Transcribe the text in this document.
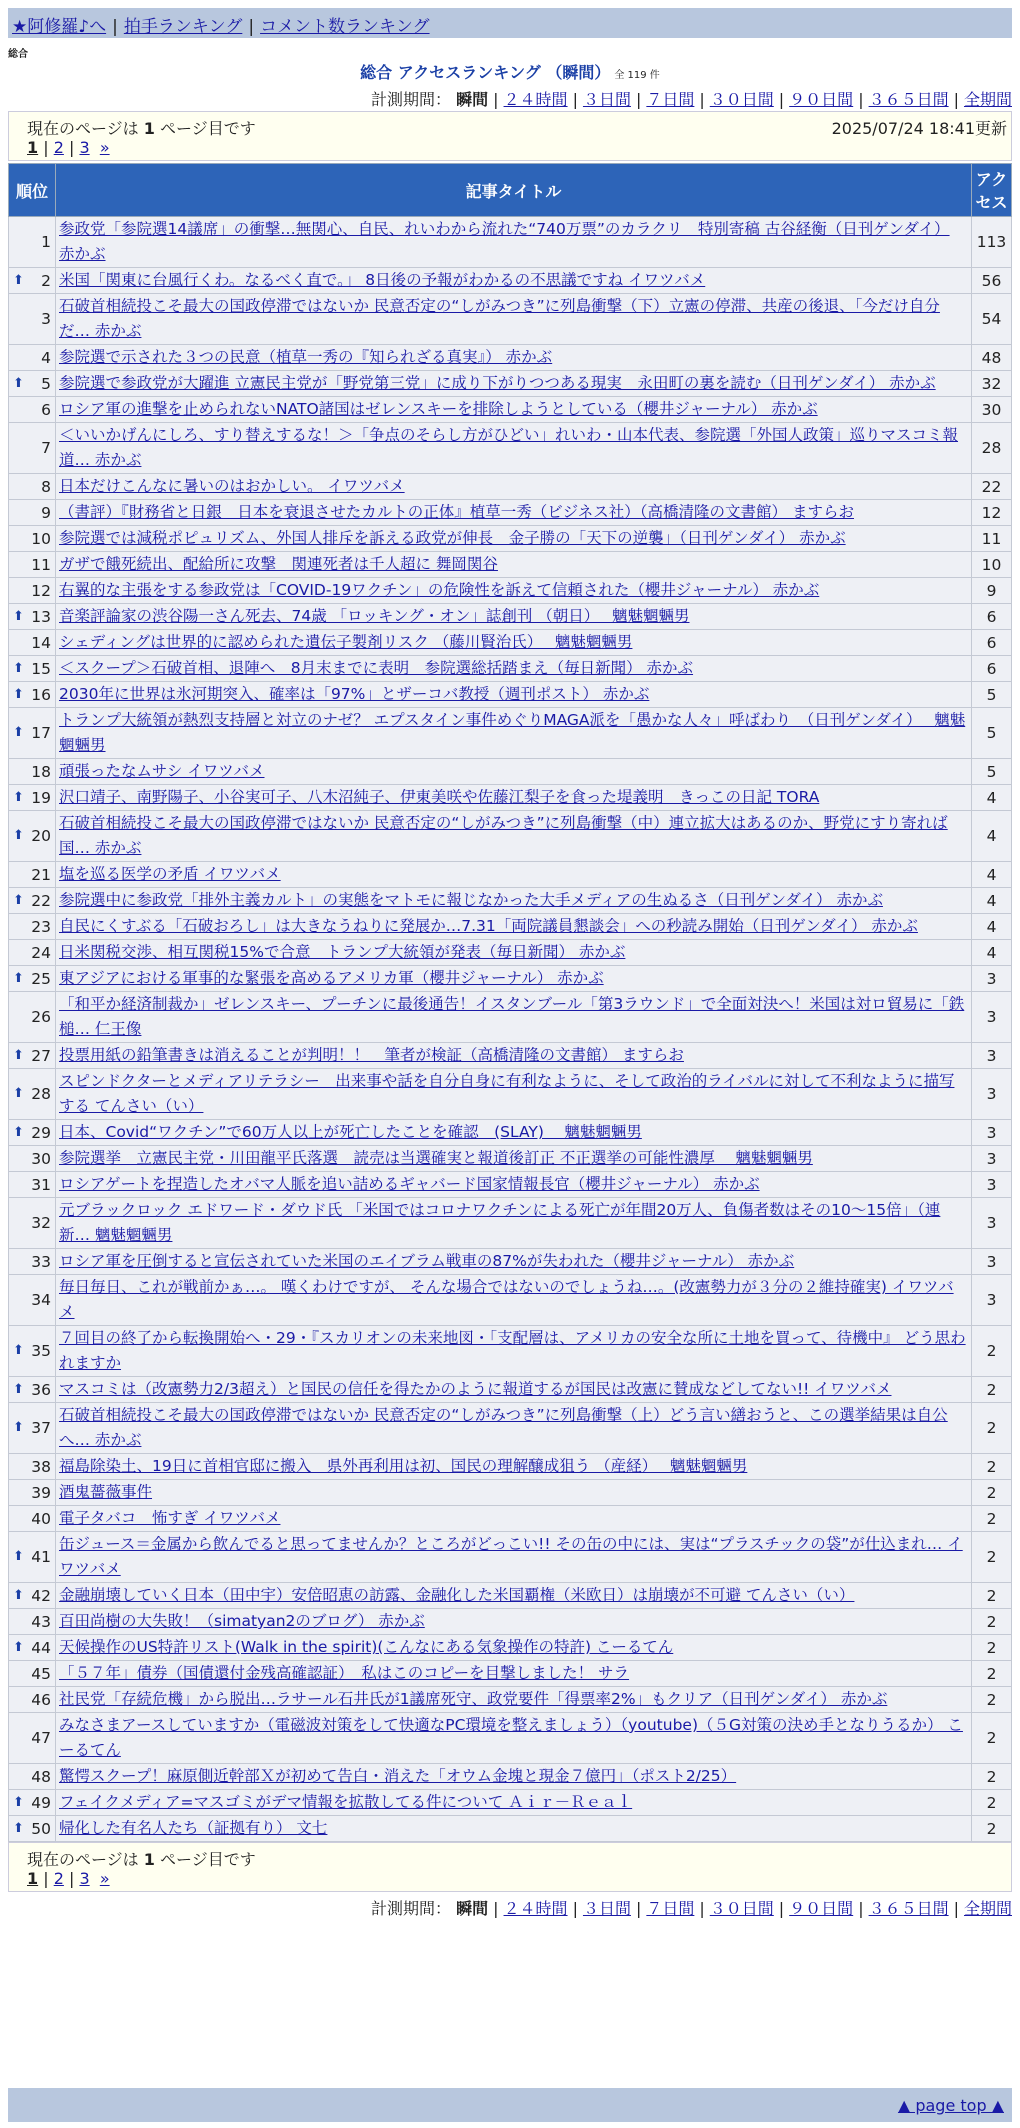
★阿修羅♪へ | 拍手ランキング | コメント数ランキング
総合
総合 アクセスランキング （瞬間） 全 119 件
計測期間： 瞬間 | ２４時間 | ３日間 | ７日間 | ３０日間 | ９０日間 | ３６５日間 | 全期間
現在のページは 1 ページ目です	2025/07/24 18:41更新
1 | 2 | 3 »
順位	記事タイトル	アクセス
1	参政党「参院選14議席」の衝撃…無関心、自民、れいわから流れた“740万票”のカラクリ　特別寄稿 古谷経衡（日刊ゲンダイ） 赤かぶ	113

⬆ 2	米国「関東に台風行くわ。なるべく直で。」 8日後の予報がわかるの不思議ですね イワツバメ	56
3	石破首相続投こそ最大の国政停滞ではないか 民意否定の“しがみつき”に列島衝撃（下）立憲の停滞、共産の後退、「今だけ自分だ… 赤かぶ	54
4	参院選で示された３つの民意（植草一秀の『知られざる真実』） 赤かぶ	48

⬆ 5	参院選で参政党が大躍進 立憲民主党が「野党第三党」に成り下がりつつある現実　永田町の裏を読む（日刊ゲンダイ） 赤かぶ	32
6	ロシア軍の進撃を止められないNATO諸国はゼレンスキーを排除しようとしている（櫻井ジャーナル） 赤かぶ	30
7	＜いいかげんにしろ、すり替えするな！＞「争点のそらし方がひどい」れいわ・山本代表、参院選「外国人政策」巡りマスコミ報道… 赤かぶ	28
8	日本だけこんなに暑いのはおかしい。 イワツバメ	22
9	（書評）『財務省と日銀　日本を衰退させたカルトの正体』植草一秀（ビジネス社）（高橋清隆の文書館） ますらお	12
10	参院選では減税ポピュリズム、外国人排斥を訴える政党が伸長　金子勝の「天下の逆襲」（日刊ゲンダイ） 赤かぶ	11
11	ガザで餓死続出、配給所に攻撃　関連死者は千人超に 舞岡関谷	10
12	右翼的な主張をする参政党は「COVID-19ワクチン」の危険性を訴えて信頼された（櫻井ジャーナル） 赤かぶ	9

⬆ 13	音楽評論家の渋谷陽一さん死去、74歳 「ロッキング・オン」誌創刊 （朝日）　 魑魅魍魎男	6
14	シェディングは世界的に認められた遺伝子製剤リスク （藤川賢治氏）　 魑魅魍魎男	6

⬆ 15	＜スクープ＞石破首相、退陣へ　8月末までに表明　参院選総括踏まえ（毎日新聞） 赤かぶ	6

⬆ 16	2030年に世界は氷河期突入、確率は「97%」とザーコバ教授（週刊ポスト） 赤かぶ	5

⬆ 17	トランプ大統領が熱烈支持層と対立のナゼ？ エプスタイン事件めぐりMAGA派を「愚かな人々」呼ばわり　（日刊ゲンダイ）　 魑魅魍魎男	5
18	頑張ったなムサシ イワツバメ	5

⬆ 19	沢口靖子、南野陽子、小谷実可子、八木沼純子、伊東美咲や佐藤江梨子を食った堤義明　きっこの日記 TORA	4

⬆ 20	石破首相続投こそ最大の国政停滞ではないか 民意否定の“しがみつき”に列島衝撃（中）連立拡大はあるのか、野党にすり寄れば国… 赤かぶ	4
21	塩を巡る医学の矛盾 イワツバメ	4

⬆ 22	参院選中に参政党「排外主義カルト」の実態をマトモに報じなかった大手メディアの生ぬるさ（日刊ゲンダイ） 赤かぶ	4
23	自民にくすぶる「石破おろし」は大きなうねりに発展か…7.31「両院議員懇談会」への秒読み開始（日刊ゲンダイ） 赤かぶ	4
24	日米関税交渉、相互関税15%で合意　トランプ大統領が発表（毎日新聞） 赤かぶ	4

⬆ 25	東アジアにおける軍事的な緊張を高めるアメリカ軍（櫻井ジャーナル） 赤かぶ	3
26	「和平か経済制裁か」ゼレンスキー、プーチンに最後通告！イスタンブール「第3ラウンド」で全面対決へ！米国は対ロ貿易に「鉄槌… 仁王像	3

⬆ 27	投票用紙の鉛筆書きは消えることが判明！！　筆者が検証（高橋清隆の文書館） ますらお	3

⬆ 28	スピンドクターとメディアリテラシー　出来事や話を自分自身に有利なように、そして政治的ライバルに対して不利なように描写する てんさい（い）	3

⬆ 29	日本、Covid“ワクチン”で60万人以上が死亡したことを確認　(SLAY)　 魑魅魍魎男	3
30	参院選挙　立憲民主党・川田龍平氏落選　読売は当選確実と報道後訂正 不正選挙の可能性濃厚　 魑魅魍魎男	3
31	ロシアゲートを捏造したオバマ人脈を追い詰めるギャバード国家情報長官（櫻井ジャーナル） 赤かぶ	3
32	元ブラックロック エドワード・ダウド氏 「米国ではコロナワクチンによる死亡が年間20万人、負傷者数はその10～15倍」（連新… 魑魅魍魎男	3
33	ロシア軍を圧倒すると宣伝されていた米国のエイブラム戦車の87%が失われた（櫻井ジャーナル） 赤かぶ	3
34	毎日毎日、これが戦前かぁ…。 嘆くわけですが、 そんな場合ではないのでしょうね…。(改憲勢力が３分の２維持確実) イワツバメ	3

⬆ 35	７回目の終了から転換開始へ・29・『スカリオンの未来地図・「支配層は、アメリカの安全な所に土地を買って、待機中』 どう思われますか	2

⬆ 36	マスコミは（改憲勢力2/3超え）と国民の信任を得たかのように報道するが国民は改憲に賛成などしてない!! イワツバメ	2

⬆ 37	石破首相続投こそ最大の国政停滞ではないか 民意否定の“しがみつき”に列島衝撃（上）どう言い繕おうと、この選挙結果は自公へ… 赤かぶ	2
38	福島除染土、19日に首相官邸に搬入　県外再利用は初、国民の理解醸成狙う （産経）　 魑魅魍魎男	2
39	酒鬼薔薇事件	2
40	電子タバコ　怖すぎ イワツバメ	2

⬆ 41	缶ジュース＝金属から飲んでると思ってませんか？ところがどっこい!! その缶の中には、実は“プラスチックの袋”が仕込まれ… イワツバメ	2

⬆ 42	金融崩壊していく日本（田中宇）安倍昭恵の訪露、金融化した米国覇権（米欧日）は崩壊が不可避 てんさい（い）	2
43	百田尚樹の大失敗！（simatyan2のブログ） 赤かぶ	2

⬆ 44	天候操作のUS特許リスト(Walk in the spirit)(こんなにある気象操作の特許) こーるてん	2
45	「５７年」債券（国債還付金残高確認証）　私はこのコピーを目撃しました！ サラ	2
46	社民党「存続危機」から脱出…ラサール石井氏が1議席死守、政党要件「得票率2%」もクリア（日刊ゲンダイ） 赤かぶ	2
47	みなさまアースしていますか（電磁波対策をして快適なPC環境を整えましょう）（youtube)（５G対策の決め手となりうるか） こーるてん	2
48	驚愕スクープ！麻原側近幹部Ｘが初めて告白・消えた「オウム金塊と現金７億円」（ポスト2/25）	2

⬆ 49	フェイクメディア=マスゴミがデマ情報を拡散してる件について Ａｉｒ－Ｒｅａｌ	2

⬆ 50	帰化した有名人たち（証拠有り） 文七	2
現在のページは 1 ページ目です
1 | 2 | 3 »
計測期間： 瞬間 | ２４時間 | ３日間 | ７日間 | ３０日間 | ９０日間 | ３６５日間 | 全期間
▲ page top ▲
